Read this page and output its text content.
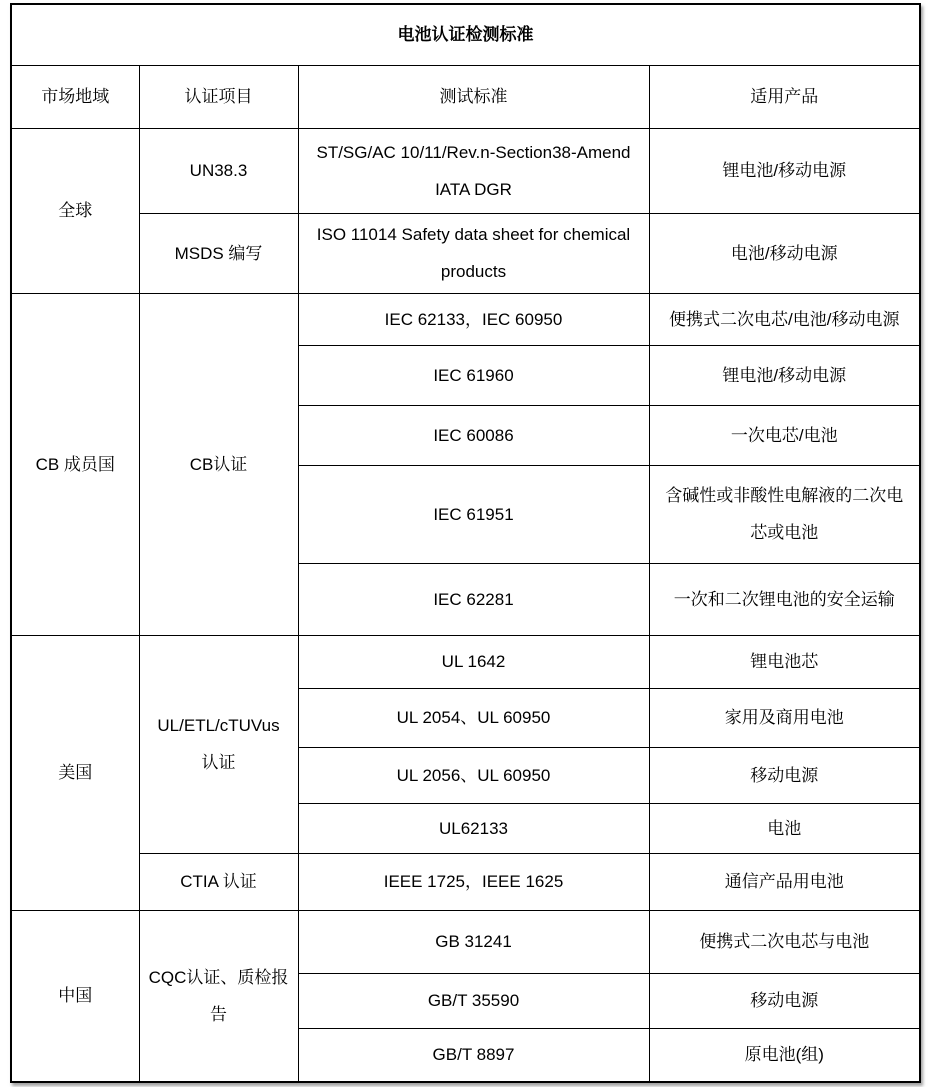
电池认证检测标准			
市场地域	认证项目	测试标准	适用产品
全球	UN38.3	ST/SG/AC 10/11/Rev.n-Section38-Amend IATA DGR	锂电池/移动电源
	MSDS 编写	ISO 11014 Safety data sheet for chemical products	电池/移动电源
CB 成员国	CB认证	IEC 62133，IEC 60950	便携式二次电芯/电池/移动电源
		IEC 61960	锂电池/移动电源
		IEC 60086	一次电芯/电池
		IEC 61951	含碱性或非酸性电解液的二次电芯或电池
		IEC 62281	一次和二次锂电池的安全运输
美国	UL/ETL/cTUVus 认证	UL 1642	锂电池芯
		UL 2054、UL 60950	家用及商用电池
		UL 2056、UL 60950	移动电源
		UL62133	电池
	CTIA 认证	IEEE 1725，IEEE 1625	通信产品用电池
中国	CQC认证、质检报告	GB 31241	便携式二次电芯与电池
		GB/T 35590	移动电源
		GB/T 8897	原电池(组)
